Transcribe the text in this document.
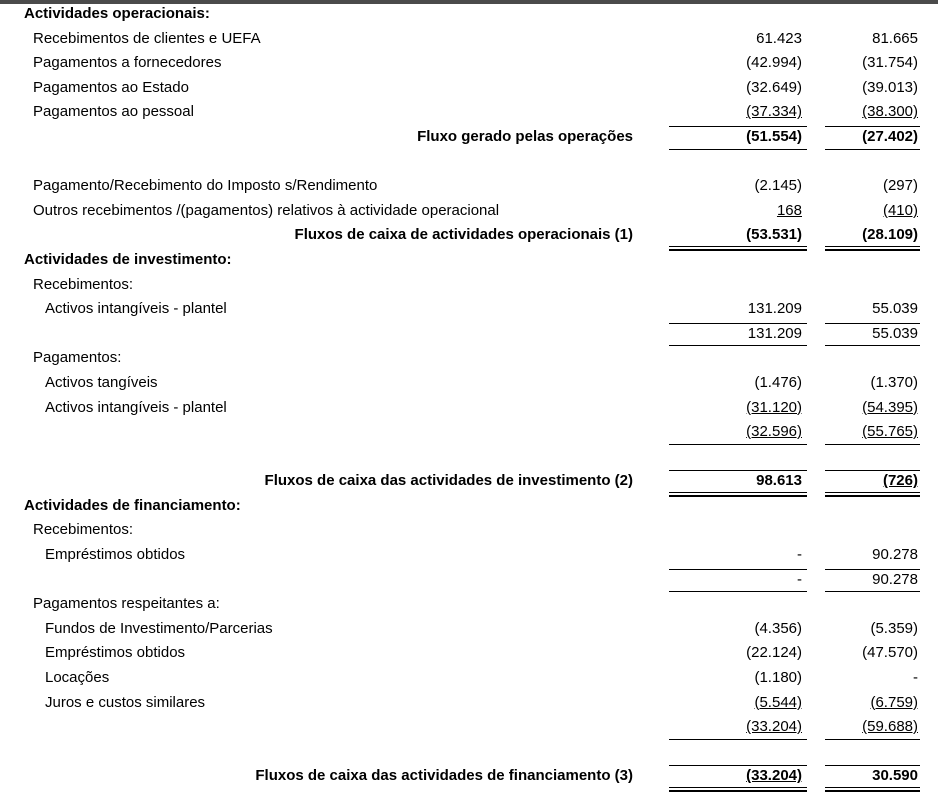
Actividades operacionais:
Recebimentos de clientes e UEFA	61.423	81.665
Pagamentos a fornecedores	(42.994)	(31.754)
Pagamentos ao Estado	(32.649)	(39.013)
Pagamentos ao pessoal	(37.334)	(38.300)
Fluxo gerado pelas operações	(51.554)	(27.402)
Pagamento/Recebimento do Imposto s/Rendimento	(2.145)	(297)
Outros recebimentos /(pagamentos) relativos à actividade operacional	168	(410)
Fluxos de caixa de actividades operacionais (1)	(53.531)	(28.109)
Actividades de investimento:
Recebimentos:
Activos intangíveis - plantel	131.209	55.039
131.209	55.039
Pagamentos:
Activos tangíveis	(1.476)	(1.370)
Activos intangíveis - plantel	(31.120)	(54.395)
(32.596)	(55.765)
Fluxos de caixa das actividades de investimento (2)	98.613	(726)
Actividades de financiamento:
Recebimentos:
Empréstimos obtidos	-	90.278
-	90.278
Pagamentos respeitantes a:
Fundos de Investimento/Parcerias	(4.356)	(5.359)
Empréstimos obtidos	(22.124)	(47.570)
Locações	(1.180)	-
Juros e custos similares	(5.544)	(6.759)
(33.204)	(59.688)
Fluxos de caixa das actividades de financiamento (3)	(33.204)	30.590
